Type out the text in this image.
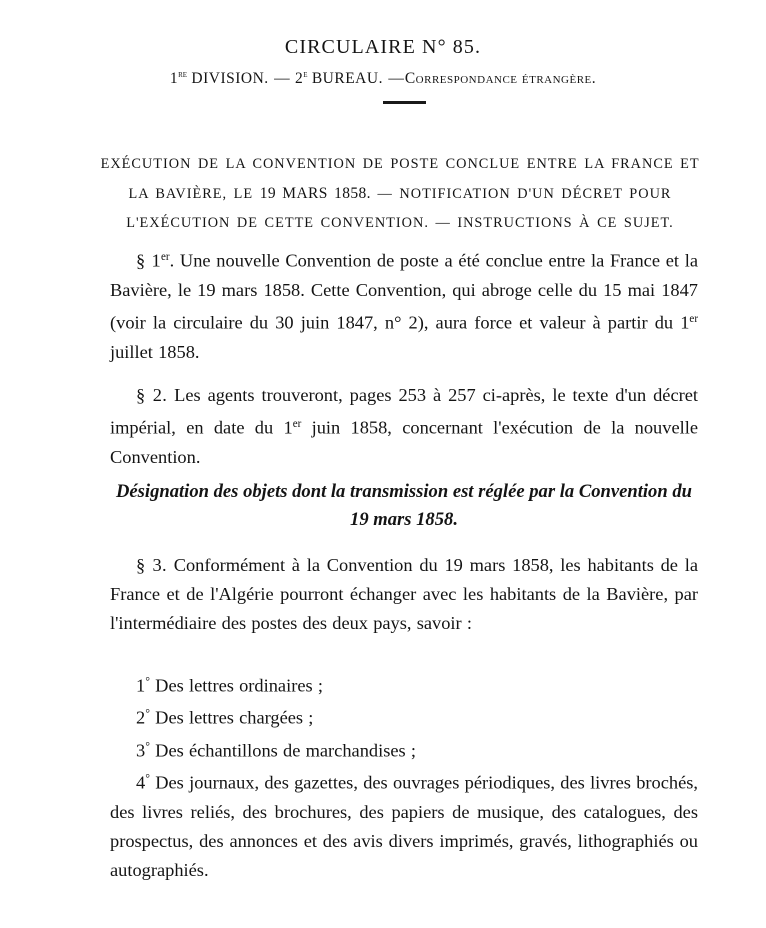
CIRCULAIRE N° 85.
1re DIVISION. — 2e BUREAU. —Correspondance étrangère.
EXÉCUTION DE LA CONVENTION DE POSTE CONCLUE ENTRE LA FRANCE ET LA BAVIÈRE, LE 19 MARS 1858. — NOTIFICATION D'UN DÉCRET POUR L'EXÉCUTION DE CETTE CONVENTION. — INSTRUCTIONS À CE SUJET.

§ 1er. Une nouvelle Convention de poste a été conclue entre la France et la Bavière, le 19 mars 1858. Cette Convention, qui abroge celle du 15 mai 1847 (voir la circulaire du 30 juin 1847, n° 2), aura force et valeur à partir du 1er juillet 1858.

§ 2. Les agents trouveront, pages 253 à 257 ci-après, le texte d'un décret impérial, en date du 1er juin 1858, concernant l'exécution de la nouvelle Convention.

Désignation des objets dont la transmission est réglée par la Convention du 19 mars 1858.

§ 3. Conformément à la Convention du 19 mars 1858, les habitants de la France et de l'Algérie pourront échanger avec les habitants de la Bavière, par l'intermédiaire des postes des deux pays, savoir :

1° Des lettres ordinaires ;
2° Des lettres chargées ;
3° Des échantillons de marchandises ;
4° Des journaux, des gazettes, des ouvrages périodiques, des livres brochés, des livres reliés, des brochures, des papiers de musique, des catalogues, des prospectus, des annonces et des avis divers imprimés, gravés, lithographiés ou autographiés.
